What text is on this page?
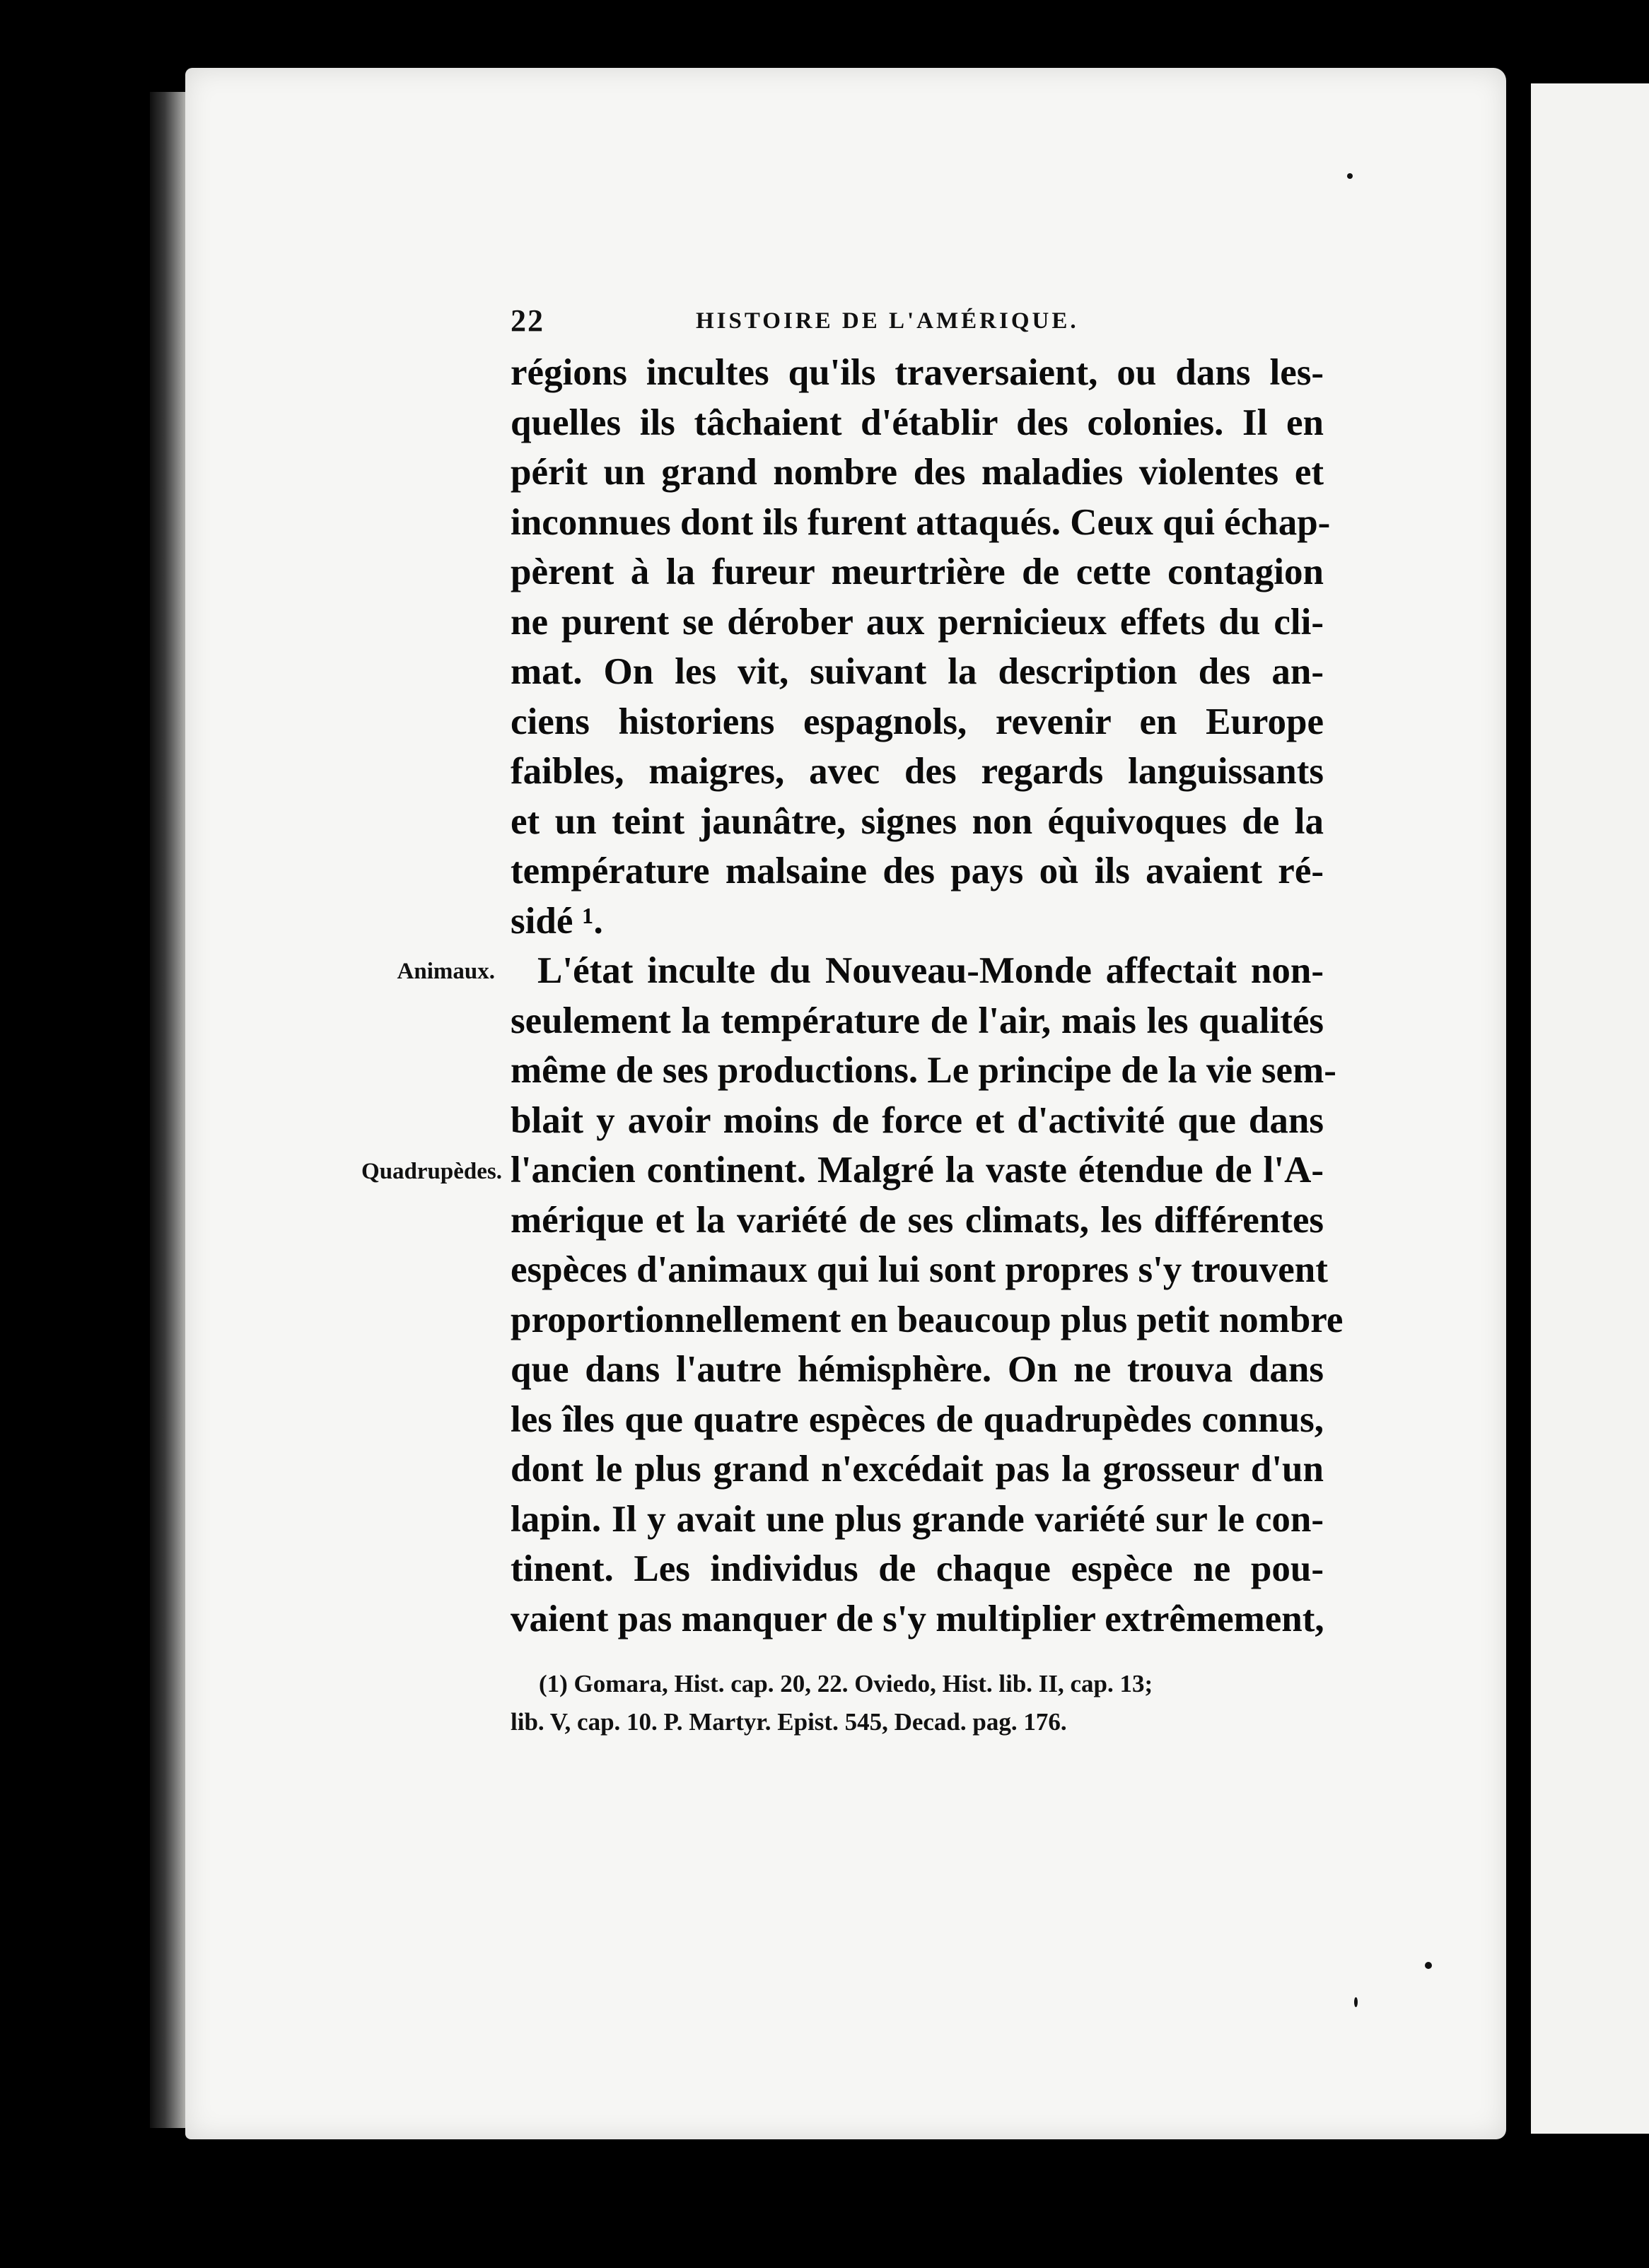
22	HISTOIRE DE L'AMÉRIQUE.
Animaux.
Quadrupèdes.
régions incultes qu'ils traversaient, ou dans les-
quelles ils tâchaient d'établir des colonies. Il en
périt un grand nombre des maladies violentes et
inconnues dont ils furent attaqués. Ceux qui échap-
pèrent à la fureur meurtrière de cette contagion
ne purent se dérober aux pernicieux effets du cli-
mat. On les vit, suivant la description des an-
ciens historiens espagnols, revenir en Europe
faibles, maigres, avec des regards languissants
et un teint jaunâtre, signes non équivoques de la
température malsaine des pays où ils avaient ré-
sidé ¹.
L'état inculte du Nouveau-Monde affectait non-
seulement la température de l'air, mais les qualités
même de ses productions. Le principe de la vie sem-
blait y avoir moins de force et d'activité que dans
l'ancien continent. Malgré la vaste étendue de l'A-
mérique et la variété de ses climats, les différentes
espèces d'animaux qui lui sont propres s'y trouvent
proportionnellement en beaucoup plus petit nombre
que dans l'autre hémisphère. On ne trouva dans
les îles que quatre espèces de quadrupèdes connus,
dont le plus grand n'excédait pas la grosseur d'un
lapin. Il y avait une plus grande variété sur le con-
tinent. Les individus de chaque espèce ne pou-
vaient pas manquer de s'y multiplier extrêmement,
(1) Gomara, Hist. cap. 20, 22. Oviedo, Hist. lib. II, cap. 13;
lib. V, cap. 10. P. Martyr. Epist. 545, Decad. pag. 176.
